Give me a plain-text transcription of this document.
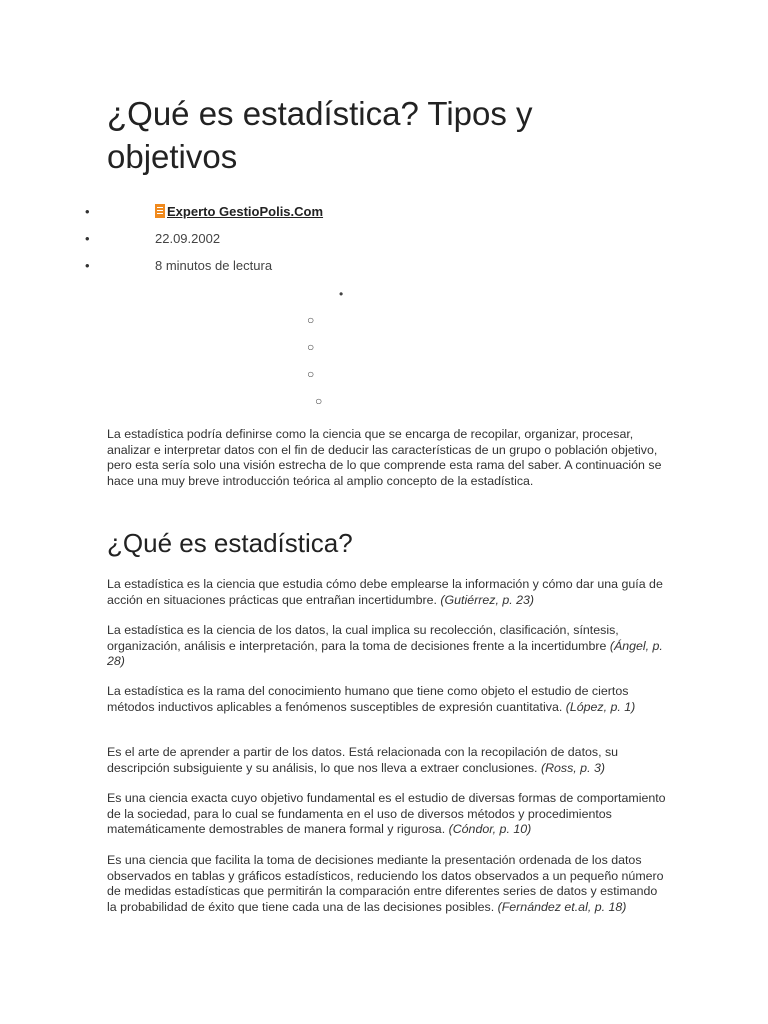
¿Qué es estadística? Tipos y objetivos
•	Experto GestioPolis.Com
•	22.09.2002
•	8 minutos de lectura
•
○
○
○
○

La estadística podría definirse como la ciencia que se encarga de recopilar, organizar, procesar, analizar e interpretar datos con el fin de deducir las características de un grupo o población objetivo, pero esta sería solo una visión estrecha de lo que comprende esta rama del saber. A continuación se hace una muy breve introducción teórica al amplio concepto de la estadística.

¿Qué es estadística?

La estadística es la ciencia que estudia cómo debe emplearse la información y cómo dar una guía de acción en situaciones prácticas que entrañan incertidumbre. (Gutiérrez, p. 23)

La estadística es la ciencia de los datos, la cual implica su recolección, clasificación, síntesis, organización, análisis e interpretación, para la toma de decisiones frente a la incertidumbre (Ángel, p. 28)

La estadística es la rama del conocimiento humano que tiene como objeto el estudio de ciertos métodos inductivos aplicables a fenómenos susceptibles de expresión cuantitativa. (López, p. 1)

Es el arte de aprender a partir de los datos. Está relacionada con la recopilación de datos, su descripción subsiguiente y su análisis, lo que nos lleva a extraer conclusiones. (Ross, p. 3)

Es una ciencia exacta cuyo objetivo fundamental es el estudio de diversas formas de comportamiento de la sociedad, para lo cual se fundamenta en el uso de diversos métodos y procedimientos matemáticamente demostrables de manera formal y rigurosa. (Cóndor, p. 10)

Es una ciencia que facilita la toma de decisiones mediante la presentación ordenada de los datos observados en tablas y gráficos estadísticos, reduciendo los datos observados a un pequeño número de medidas estadísticas que permitirán la comparación entre diferentes series de datos y estimando la probabilidad de éxito que tiene cada una de las decisiones posibles. (Fernández et.al, p. 18)
